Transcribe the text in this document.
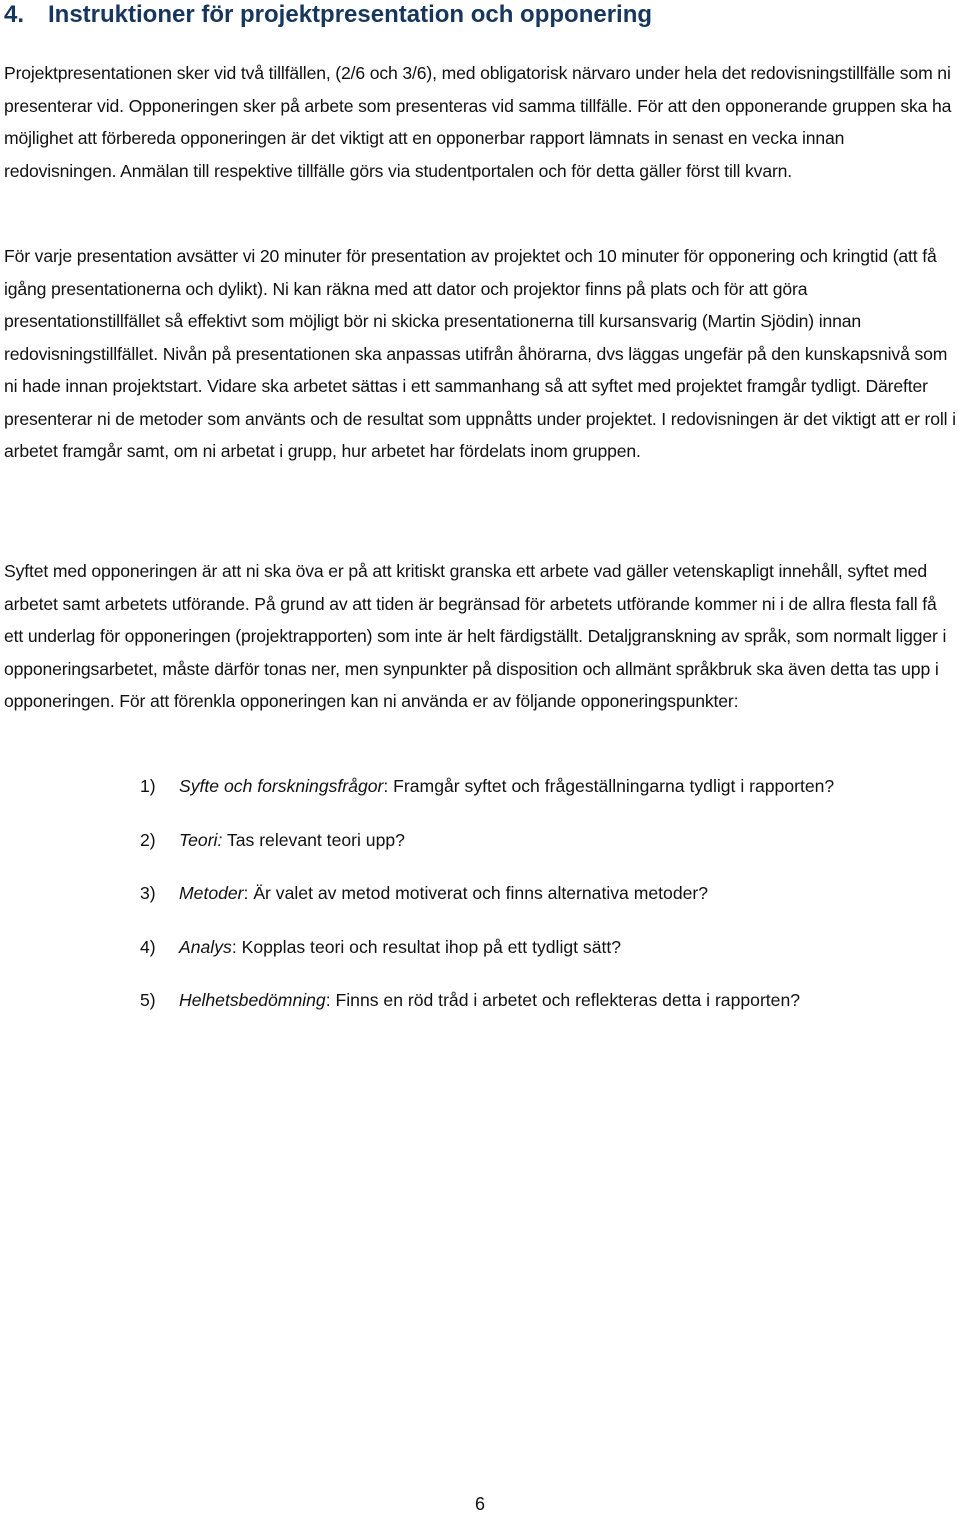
4. Instruktioner för projektpresentation och opponering

Projektpresentationen sker vid två tillfällen, (2/6 och 3/6), med obligatorisk närvaro under hela det redovisningstillfälle som ni presenterar vid. Opponeringen sker på arbete som presenteras vid samma tillfälle. För att den opponerande gruppen ska ha möjlighet att förbereda opponeringen är det viktigt att en opponerbar rapport lämnats in senast en vecka innan redovisningen. Anmälan till respektive tillfälle görs via studentportalen och för detta gäller först till kvarn.

För varje presentation avsätter vi 20 minuter för presentation av projektet och 10 minuter för opponering och kringtid (att få igång presentationerna och dylikt). Ni kan räkna med att dator och projektor finns på plats och för att göra presentationstillfället så effektivt som möjligt bör ni skicka presentationerna till kursansvarig (Martin Sjödin) innan redovisningstillfället. Nivån på presentationen ska anpassas utifrån åhörarna, dvs läggas ungefär på den kunskapsnivå som ni hade innan projektstart. Vidare ska arbetet sättas i ett sammanhang så att syftet med projektet framgår tydligt. Därefter presenterar ni de metoder som använts och de resultat som uppnåtts under projektet. I redovisningen är det viktigt att er roll i arbetet framgår samt, om ni arbetat i grupp, hur arbetet har fördelats inom gruppen.

Syftet med opponeringen är att ni ska öva er på att kritiskt granska ett arbete vad gäller vetenskapligt innehåll, syftet med arbetet samt arbetets utförande. På grund av att tiden är begränsad för arbetets utförande kommer ni i de allra flesta fall få ett underlag för opponeringen (projektrapporten) som inte är helt färdigställt. Detaljgranskning av språk, som normalt ligger i opponeringsarbetet, måste därför tonas ner, men synpunkter på disposition och allmänt språkbruk ska även detta tas upp i opponeringen. För att förenkla opponeringen kan ni använda er av följande opponeringspunkter:

1) Syfte och forskningsfrågor: Framgår syftet och frågeställningarna tydligt i rapporten?
2) Teori: Tas relevant teori upp?
3) Metoder: Är valet av metod motiverat och finns alternativa metoder?
4) Analys: Kopplas teori och resultat ihop på ett tydligt sätt?
5) Helhetsbedömning: Finns en röd tråd i arbetet och reflekteras detta i rapporten?
6
